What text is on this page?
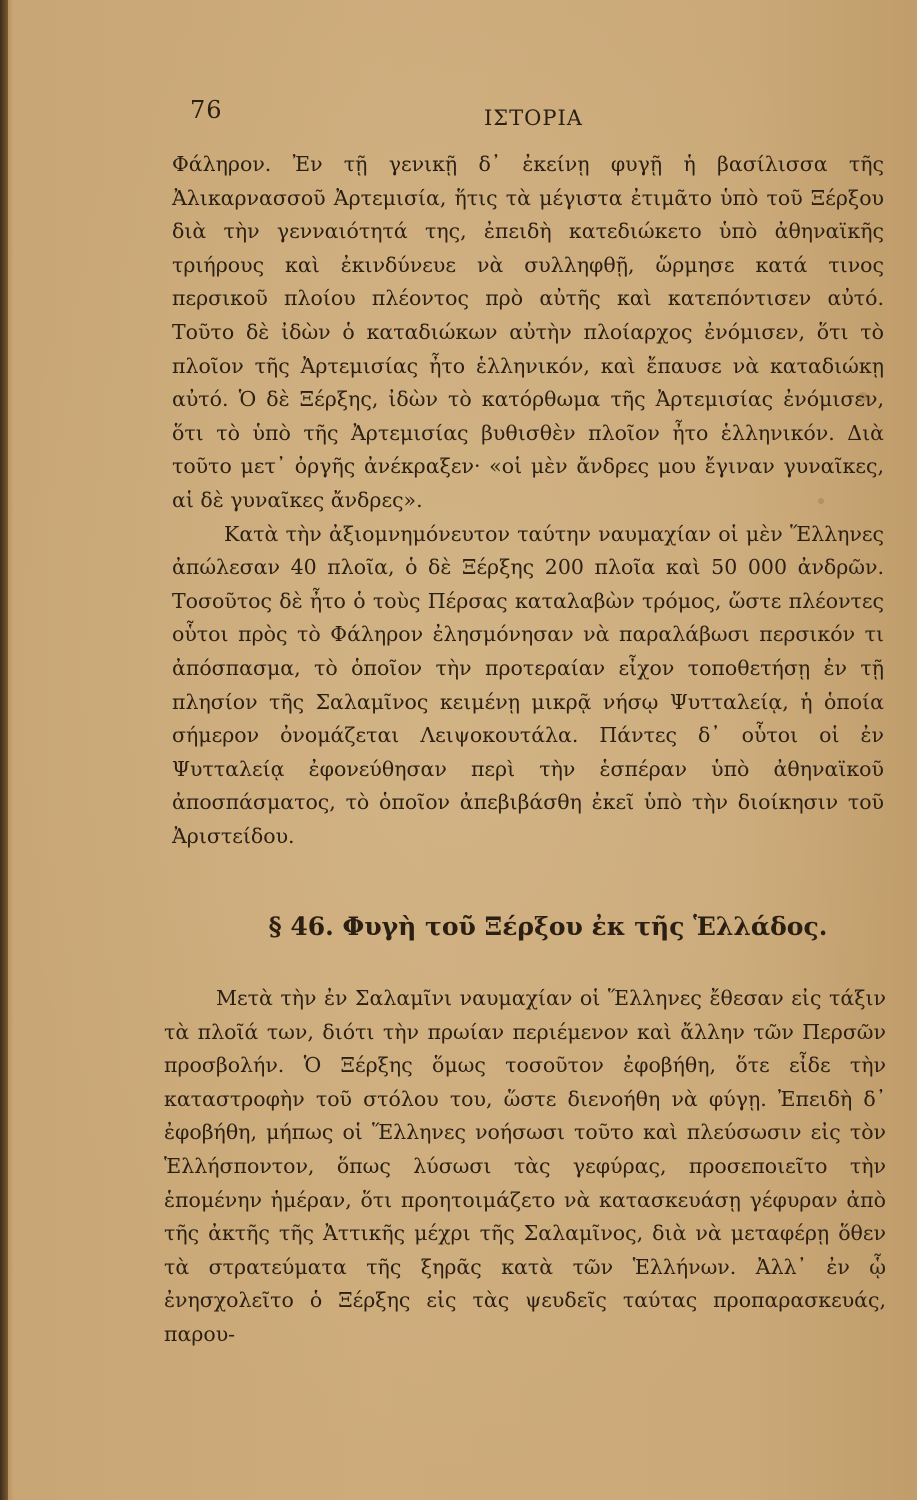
76	ΙΣΤΟΡΙΑ

Φάληρον. Ἐν τῇ γενικῇ δ᾽ ἐκείνῃ φυγῇ ἡ βασίλισσα τῆς Ἀλικαρνασσοῦ Ἀρτεμισία, ἥτις τὰ μέγιστα ἐτιμᾶτο ὑπὸ τοῦ Ξέρξου διὰ τὴν γενναιότητά της, ἐπειδὴ κατεδιώκετο ὑπὸ ἀθηναϊκῆς τριήρους καὶ ἐκινδύνευε νὰ συλληφθῇ, ὥρμησε κατά τινος περσικοῦ πλοίου πλέοντος πρὸ αὐτῆς καὶ κατεπόντισεν αὐτό. Τοῦτο δὲ ἰδὼν ὁ καταδιώκων αὐτὴν πλοίαρχος ἐνόμισεν, ὅτι τὸ πλοῖον τῆς Ἀρτεμισίας ἦτο ἑλληνικόν, καὶ ἔπαυσε νὰ καταδιώκῃ αὐτό. Ὁ δὲ Ξέρξης, ἰδὼν τὸ κατόρθωμα τῆς Ἀρτεμισίας ἐνόμισεν, ὅτι τὸ ὑπὸ τῆς Ἀρτεμισίας βυθισθὲν πλοῖον ἦτο ἑλληνικόν. Διὰ τοῦτο μετ᾽ ὀργῆς ἀνέκραξεν· «οἱ μὲν ἄνδρες μου ἔγιναν γυναῖκες, αἱ δὲ γυναῖκες ἄνδρες».

Κατὰ τὴν ἀξιομνημόνευτον ταύτην ναυμαχίαν οἱ μὲν Ἕλληνες ἀπώλεσαν 40 πλοῖα, ὁ δὲ Ξέρξης 200 πλοῖα καὶ 50 000 ἀνδρῶν. Τοσοῦτος δὲ ἦτο ὁ τοὺς Πέρσας καταλαβὼν τρόμος, ὥστε πλέοντες οὗτοι πρὸς τὸ Φάληρον ἐλησμόνησαν νὰ παραλάβωσι περσικόν τι ἀπόσπασμα, τὸ ὁποῖον τὴν προτεραίαν εἶχον τοποθετήσῃ ἐν τῇ πλησίον τῆς Σαλαμῖνος κειμένῃ μικρᾷ νήσῳ Ψυτταλείᾳ, ἡ ὁποία σήμερον ὀνομάζεται Λειψοκουτάλα. Πάντες δ᾽ οὗτοι οἱ ἐν Ψυτταλείᾳ ἐφονεύθησαν περὶ τὴν ἑσπέραν ὑπὸ ἀθηναϊκοῦ ἀποσπάσματος, τὸ ὁποῖον ἀπεβιβάσθη ἐκεῖ ὑπὸ τὴν διοίκησιν τοῦ Ἀριστείδου.

§ 46. Φυγὴ τοῦ Ξέρξου ἐκ τῆς Ἑλλάδος.

Μετὰ τὴν ἐν Σαλαμῖνι ναυμαχίαν οἱ Ἕλληνες ἔθεσαν εἰς τάξιν τὰ πλοῖά των, διότι τὴν πρωίαν περιέμενον καὶ ἄλλην τῶν Περσῶν προσβολήν. Ὁ Ξέρξης ὅμως τοσοῦτον ἐφοβήθη, ὅτε εἶδε τὴν καταστροφὴν τοῦ στόλου του, ὥστε διενοήθη νὰ φύγῃ. Ἐπειδὴ δ᾽ ἐφοβήθη, μήπως οἱ Ἕλληνες νοήσωσι τοῦτο καὶ πλεύσωσιν εἰς τὸν Ἑλλήσποντον, ὅπως λύσωσι τὰς γεφύρας, προσεποιεῖτο τὴν ἑπομένην ἡμέραν, ὅτι προητοιμάζετο νὰ κατασκευάσῃ γέφυραν ἀπὸ τῆς ἀκτῆς τῆς Ἀττικῆς μέχρι τῆς Σαλαμῖνος, διὰ νὰ μεταφέρῃ ὅθεν τὰ στρατεύματα τῆς ξηρᾶς κατὰ τῶν Ἑλλήνων. Ἀλλ᾽ ἐν ᾧ ἐνησχολεῖτο ὁ Ξέρξης εἰς τὰς ψευδεῖς ταύτας προπαρασκευάς, παρου-
